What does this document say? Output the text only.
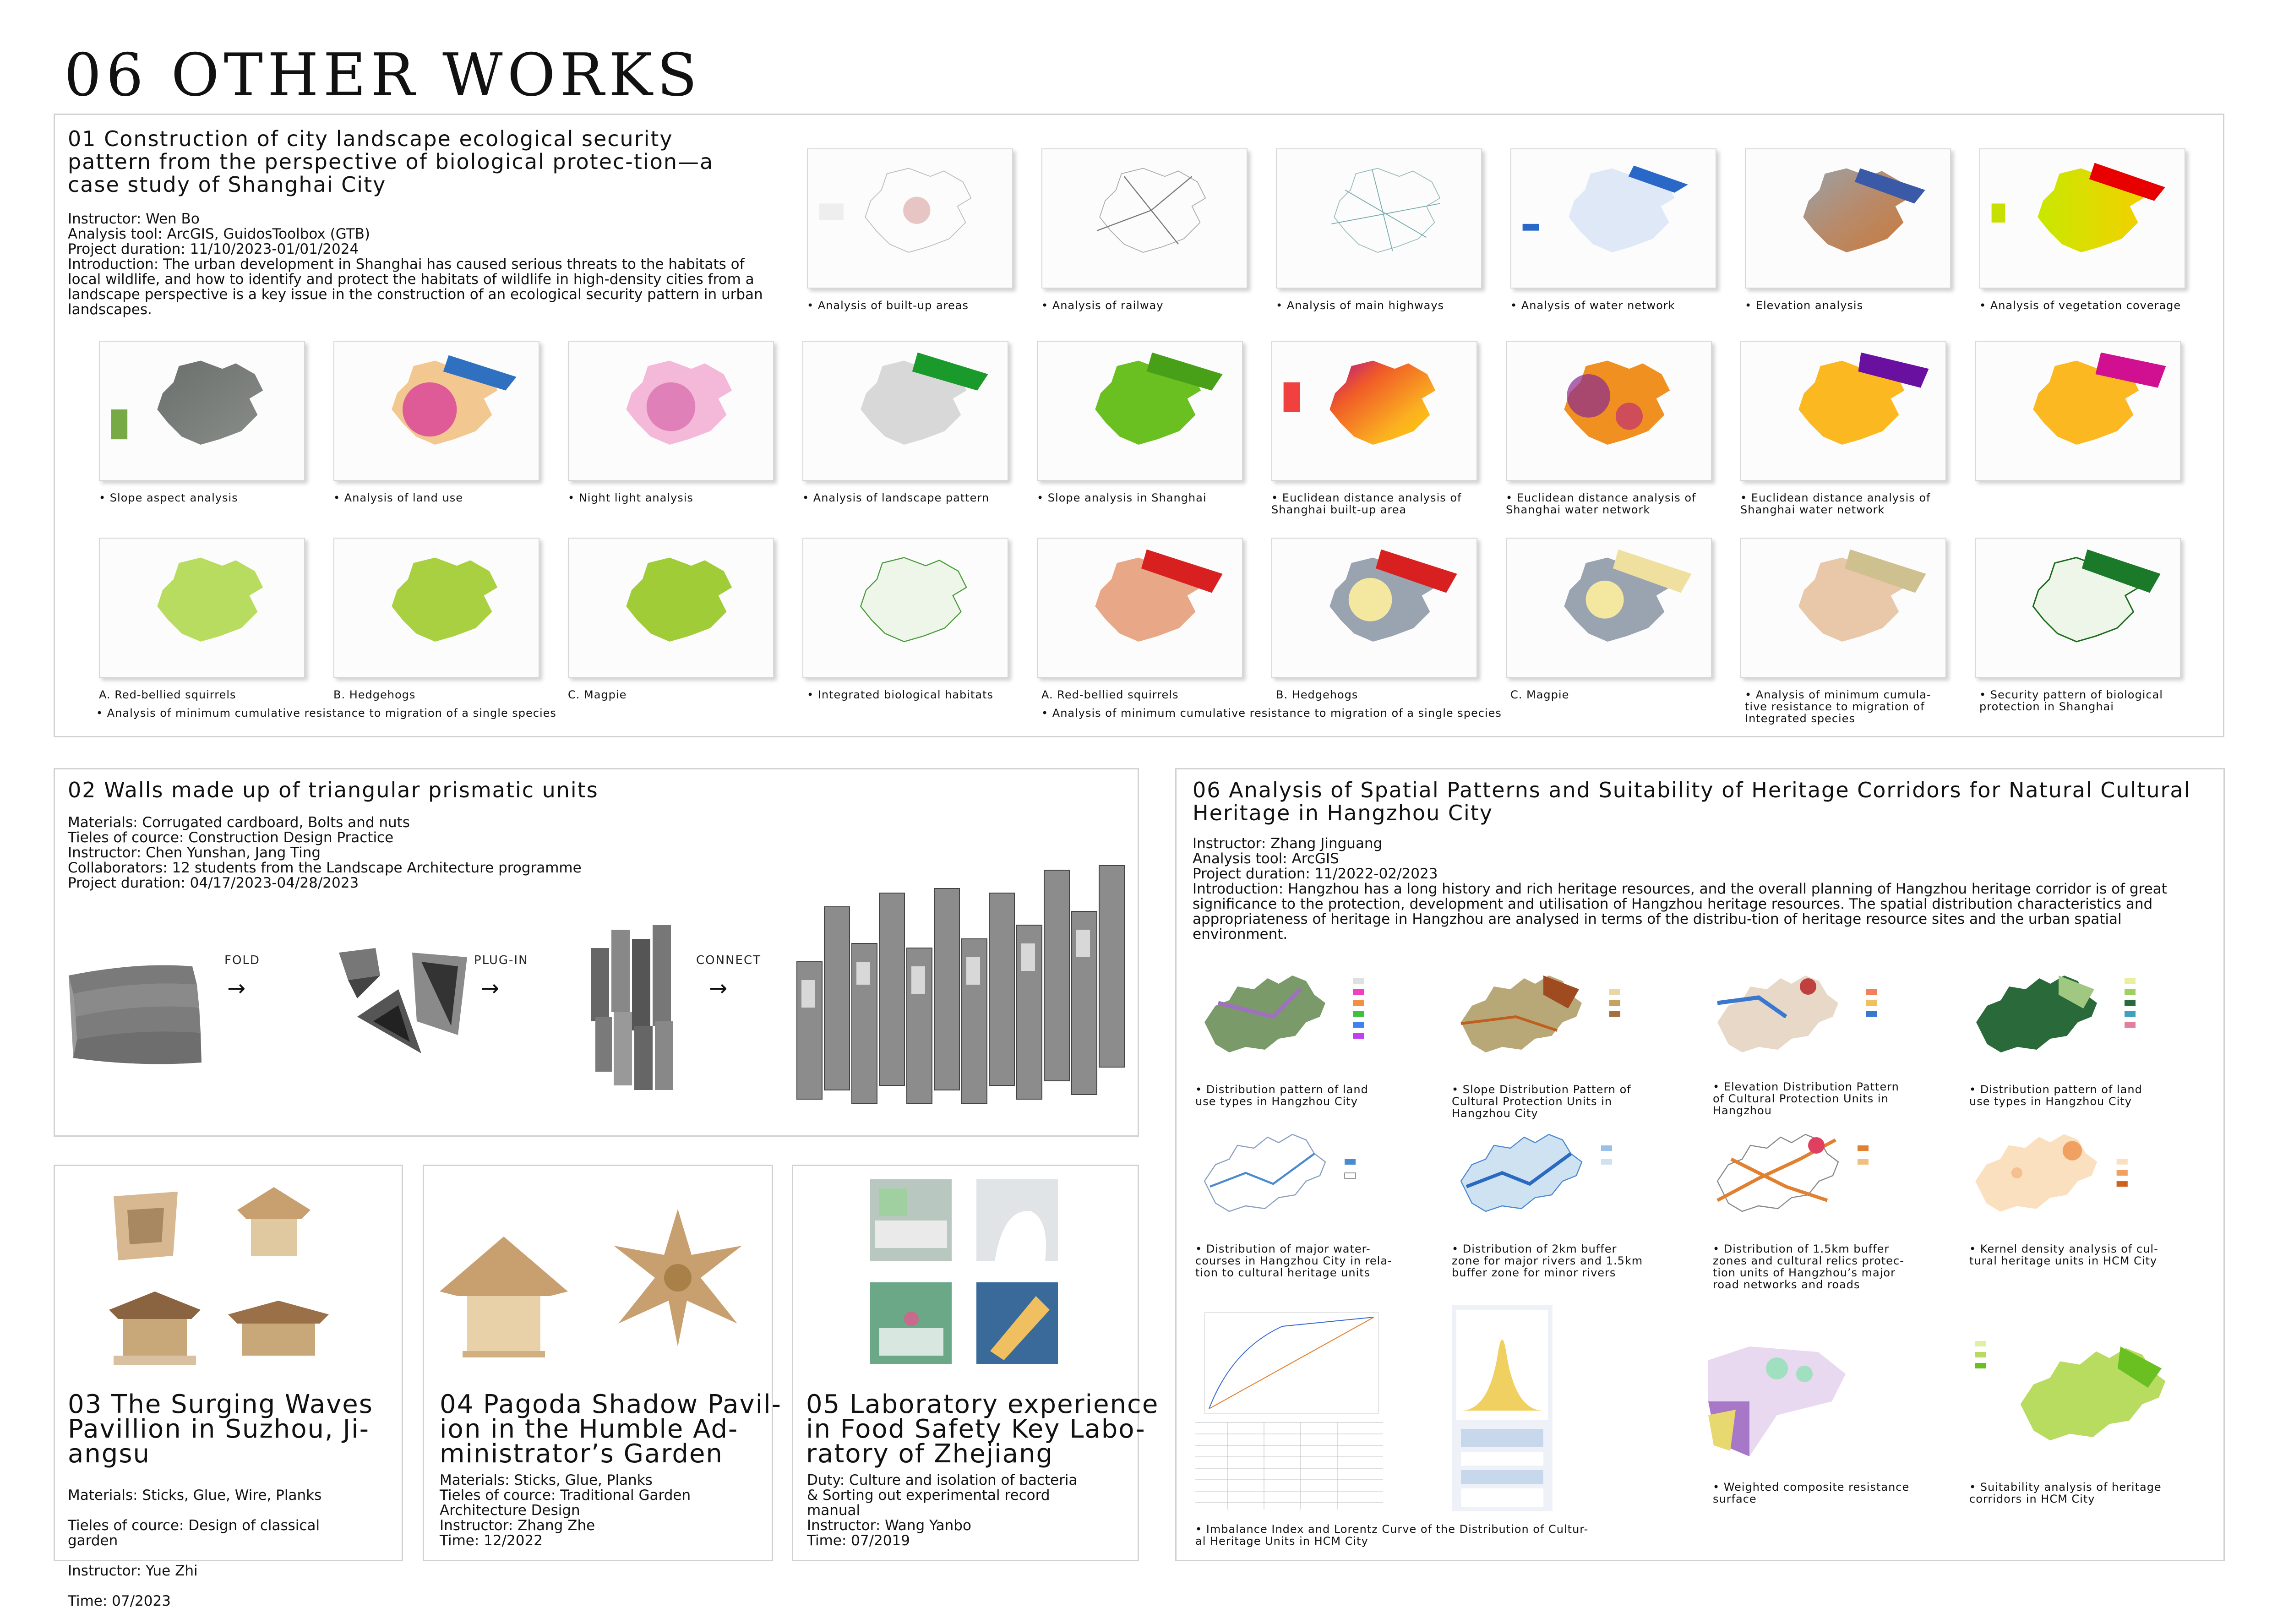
06 OTHER WORKS
01 Construction of city landscape ecological security pattern from the perspective of biological protec-tion—a case study of Shanghai City
Instructor: Wen Bo
Analysis tool: ArcGIS, GuidosToolbox (GTB)
Project duration: 11/10/2023-01/01/2024
Introduction: The urban development in Shanghai has caused serious threats to the habitats of local wildlife, and how to identify and protect the habitats of wildlife in high-density cities from a landscape perspective is a key issue in the construction of an ecological security pattern in urban landscapes.	• Analysis of built-up areas	• Analysis of railway	• Analysis of main highways	• Analysis of water network	• Elevation analysis	• Analysis of vegetation coverage
• Slope aspect analysis	• Analysis of land use	• Night light analysis	• Analysis of landscape pattern	• Slope analysis in Shanghai	• Euclidean distance analysis of
Shanghai built-up area
• Euclidean distance analysis of
Shanghai water network
• Euclidean distance analysis of
Shanghai water network
A. Red-bellied squirrels	B. Hedgehogs	C. Magpie	• Integrated biological habitats	A. Red-bellied squirrels	B. Hedgehogs	C. Magpie	• Analysis of minimum cumula-
tive resistance to migration of
Integrated species
• Security pattern of biological
protection in Shanghai
• Analysis of minimum cumulative resistance to migration of a single species	• Analysis of minimum cumulative resistance to migration of a single species
02 Walls made up of triangular prismatic units
Materials: Corrugated cardboard, Bolts and nuts
Tieles of cource: Construction Design Practice
Instructor: Chen Yunshan, Jang Ting
Collaborators: 12 students from the Landscape Architecture programme
Project duration: 04/17/2023-04/28/2023
FOLD
→
PLUG-IN
→
CONNECT
→
03 The Surging Waves
Pavillion in Suzhou, Ji-
angsu

Materials: Sticks, Glue, Wire, Planks

Tieles of cource: Design of classical
garden

Instructor: Yue Zhi

Time: 07/2023

04 Pagoda Shadow Pavil-
ion in the Humble Ad-
ministrator’s Garden
Materials: Sticks, Glue, Planks
Tieles of cource: Traditional Garden
Architecture Design
Instructor: Zhang Zhe
Time: 12/2022
05 Laboratory experience
in Food Safety Key Labo-
ratory of Zhejiang
Duty: Culture and isolation of bacteria
& Sorting out experimental record
manual
Instructor: Wang Yanbo
Time: 07/2019
06 Analysis of Spatial Patterns and Suitability of Heritage Corridors for Natural Cultural Heritage in Hangzhou City
Instructor: Zhang Jinguang
Analysis tool: ArcGIS
Project duration: 11/2022-02/2023
Introduction: Hangzhou has a long history and rich heritage resources, and the overall planning of Hangzhou heritage corridor is of great significance to the protection, development and utilisation of Hangzhou heritage resources. The spatial distribution characteristics and appropriateness of heritage in Hangzhou are analysed in terms of the distribu-tion of heritage resource sites and the urban spatial environment.
• Distribution pattern of land
use types in Hangzhou City
• Slope Distribution Pattern of
Cultural Protection Units in
Hangzhou City
• Elevation Distribution Pattern
of Cultural Protection Units in
Hangzhou
• Distribution pattern of land
use types in Hangzhou City
• Distribution of major water-
courses in Hangzhou City in rela-
tion to cultural heritage units
• Distribution of 2km buffer
zone for major rivers and 1.5km
buffer zone for minor rivers
• Distribution of 1.5km buffer
zones and cultural relics protec-
tion units of Hangzhou’s major
road networks and roads
• Kernel density analysis of cul-
tural heritage units in HCM City
• Imbalance Index and Lorentz Curve of the Distribution of Cultur-
al Heritage Units in HCM City
• Weighted composite resistance
surface
• Suitability analysis of heritage
corridors in HCM City
